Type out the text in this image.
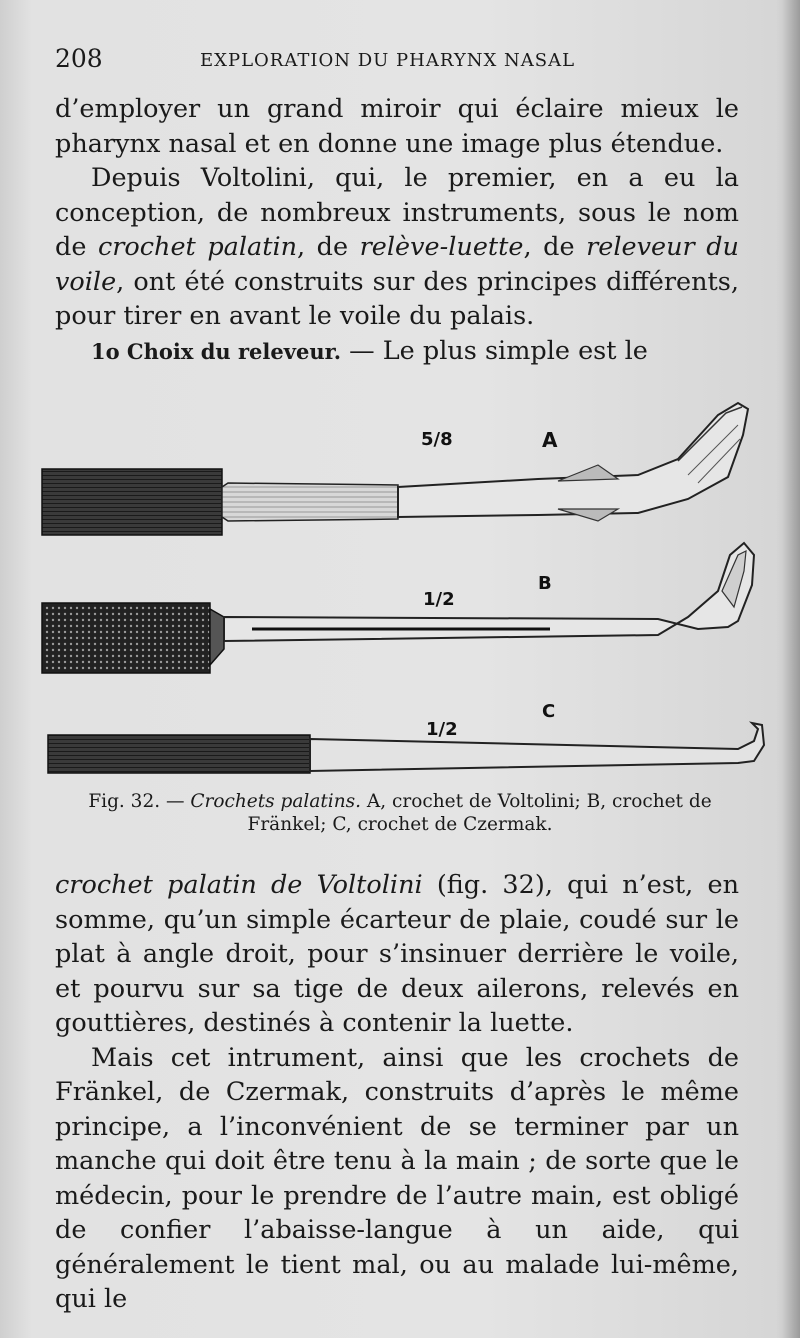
208	EXPLORATION DU PHARYNX NASAL

d’employer un grand miroir qui éclaire mieux le pharynx nasal et en donne une image plus étendue.

Depuis Voltolini, qui, le premier, en a eu la conception, de nombreux instruments, sous le nom de crochet palatin, de relève-luette, de releveur du voile, ont été construits sur des principes différents, pour tirer en avant le voile du palais.

1o Choix du releveur. — Le plus simple est le

5/8	A
1/2
B
1/2
C
Fig. 32. — Crochets palatins. A, crochet de Voltolini; B, crochet de Fränkel; C, crochet de Czermak.

crochet palatin de Voltolini (fig. 32), qui n’est, en somme, qu’un simple écarteur de plaie, coudé sur le plat à angle droit, pour s’insinuer derrière le voile, et pourvu sur sa tige de deux ailerons, relevés en gouttières, destinés à contenir la luette.

Mais cet intrument, ainsi que les crochets de Fränkel, de Czermak, construits d’après le même principe, a l’inconvénient de se terminer par un manche qui doit être tenu à la main ; de sorte que le médecin, pour le prendre de l’autre main, est obligé de confier l’abaisse-langue à un aide, qui généralement le tient mal, ou au malade lui-même, qui le
